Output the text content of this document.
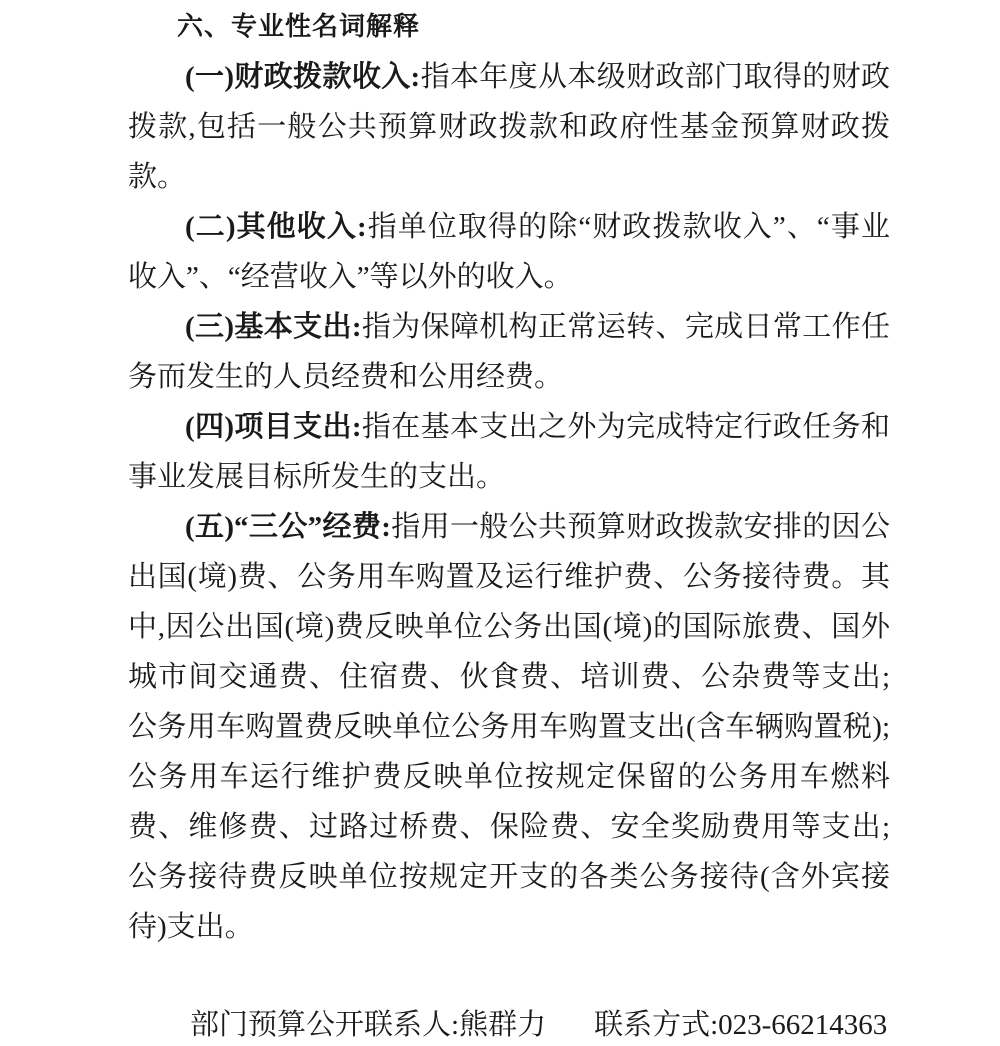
六、专业性名词解释

(一)财政拨款收入:指本年度从本级财政部门取得的财政拨款,包括一般公共预算财政拨款和政府性基金预算财政拨款。

(二)其他收入:指单位取得的除“财政拨款收入”、“事业收入”、“经营收入”等以外的收入。

(三)基本支出:指为保障机构正常运转、完成日常工作任务而发生的人员经费和公用经费。

(四)项目支出:指在基本支出之外为完成特定行政任务和事业发展目标所发生的支出。

(五)“三公”经费:指用一般公共预算财政拨款安排的因公出国(境)费、公务用车购置及运行维护费、公务接待费。其中,因公出国(境)费反映单位公务出国(境)的国际旅费、国外城市间交通费、住宿费、伙食费、培训费、公杂费等支出;公务用车购置费反映单位公务用车购置支出(含车辆购置税);公务用车运行维护费反映单位按规定保留的公务用车燃料费、维修费、过路过桥费、保险费、安全奖励费用等支出;公务接待费反映单位按规定开支的各类公务接待(含外宾接待)支出。

部门预算公开联系人:熊群力 联系方式:023-66214363
